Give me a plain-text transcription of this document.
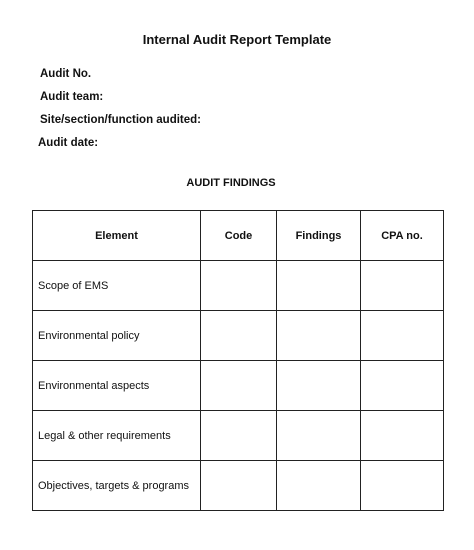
Internal Audit Report Template
Audit No.
Audit team:
Site/section/function audited:
Audit date:
AUDIT FINDINGS
Element	Code	Findings	CPA no.
Scope of EMS			
Environmental policy			
Environmental aspects			
Legal & other requirements			
Objectives, targets & programs			
